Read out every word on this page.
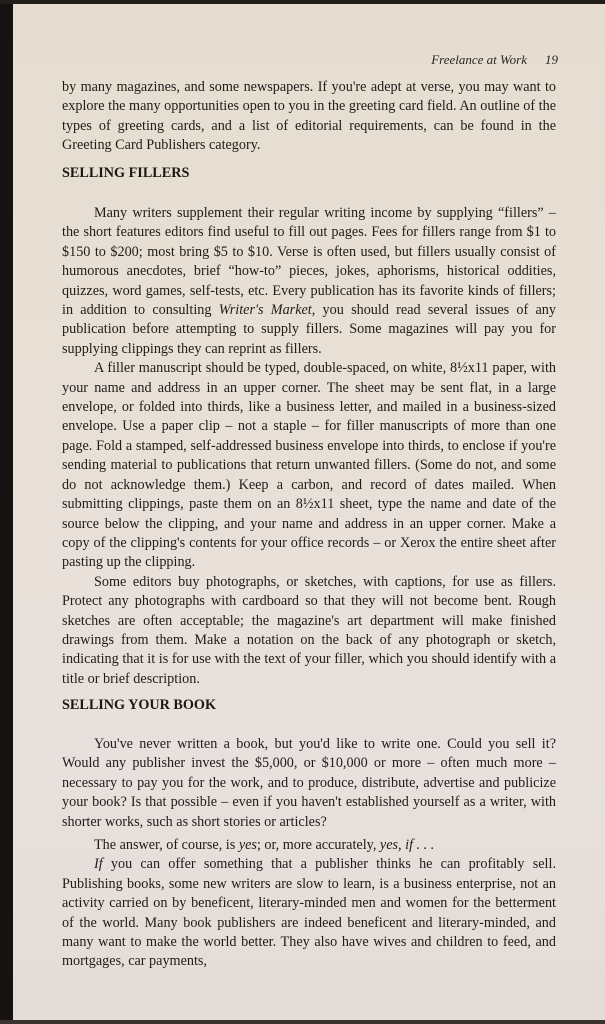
Freelance at Work 19

by many magazines, and some newspapers. If you're adept at verse, you may want to explore the many opportunities open to you in the greeting card field. An outline of the types of greeting cards, and a list of editorial requirements, can be found in the Greeting Card Publishers category.

SELLING FILLERS

Many writers supplement their regular writing income by supplying “fillers” – the short features editors find useful to fill out pages. Fees for fillers range from $1 to $150 to $200; most bring $5 to $10. Verse is often used, but fillers usually consist of humorous anecdotes, brief “how-to” pieces, jokes, aphorisms, historical oddities, quizzes, word games, self-tests, etc. Every publication has its favorite kinds of fillers; in addition to consulting Writer's Market, you should read several issues of any publication before attempting to supply fillers. Some magazines will pay you for supplying clippings they can reprint as fillers.

A filler manuscript should be typed, double-spaced, on white, 8½x11 paper, with your name and address in an upper corner. The sheet may be sent flat, in a large envelope, or folded into thirds, like a business letter, and mailed in a business-sized envelope. Use a paper clip – not a staple – for filler manuscripts of more than one page. Fold a stamped, self-addressed business envelope into thirds, to enclose if you're sending material to publications that return unwanted fillers. (Some do not, and some do not acknowledge them.) Keep a carbon, and record of dates mailed. When submitting clippings, paste them on an 8½x11 sheet, type the name and date of the source below the clipping, and your name and address in an upper corner. Make a copy of the clipping's contents for your office records – or Xerox the entire sheet after pasting up the clipping.

Some editors buy photographs, or sketches, with captions, for use as fillers. Protect any photographs with cardboard so that they will not become bent. Rough sketches are often acceptable; the magazine's art department will make finished drawings from them. Make a notation on the back of any photograph or sketch, indicating that it is for use with the text of your filler, which you should identify with a title or brief description.

SELLING YOUR BOOK

You've never written a book, but you'd like to write one. Could you sell it? Would any publisher invest the $5,000, or $10,000 or more – often much more – necessary to pay you for the work, and to produce, distribute, advertise and publicize your book? Is that possible – even if you haven't established yourself as a writer, with shorter works, such as short stories or articles?

The answer, of course, is yes; or, more accurately, yes, if . . .

If you can offer something that a publisher thinks he can profitably sell. Publishing books, some new writers are slow to learn, is a business enterprise, not an activity carried on by beneficent, literary-minded men and women for the betterment of the world. Many book publishers are indeed beneficent and literary-minded, and many want to make the world better. They also have wives and children to feed, and mortgages, car payments,
